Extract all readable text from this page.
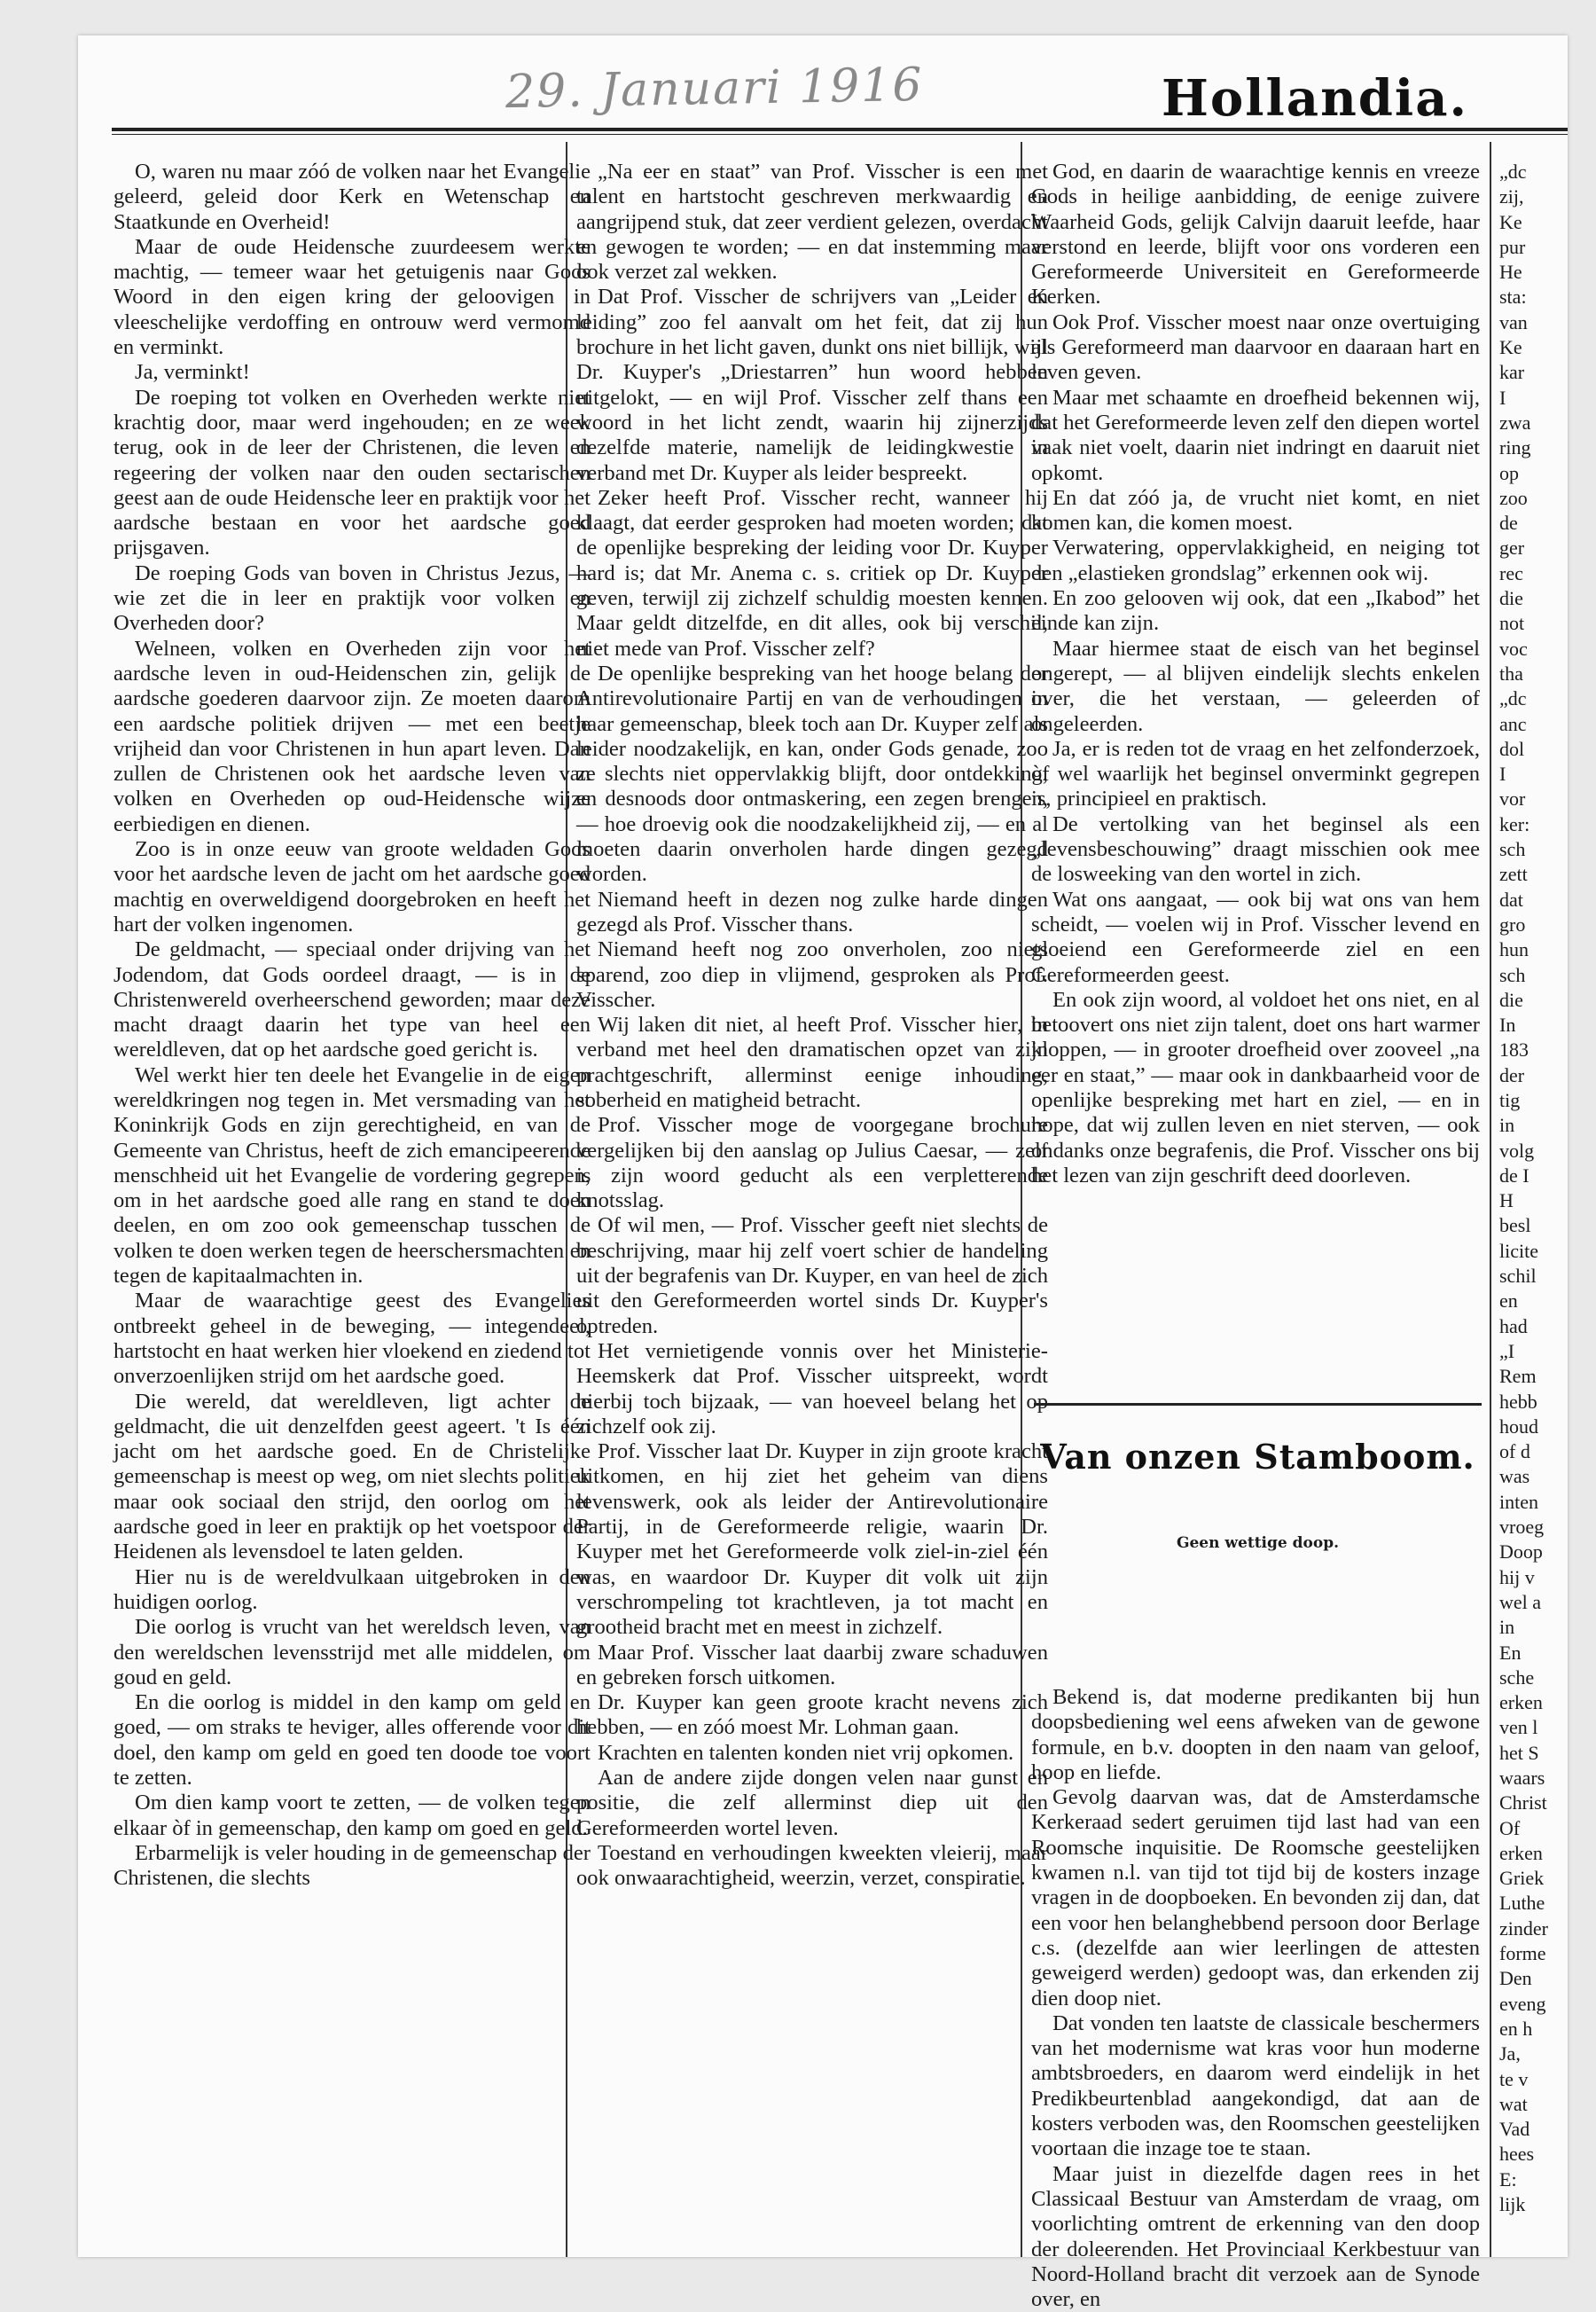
29. Januari 1916	Hollandia.

O, waren nu maar zóó de volken naar het Evangelie geleerd, geleid door Kerk en Wetenschap en Staatkunde en Overheid!

Maar de oude Heidensche zuurdeesem werkte machtig, — temeer waar het getuigenis naar Gods Woord in den eigen kring der geloovigen in vleeschelijke verdoffing en ontrouw werd vermomd en verminkt.

Ja, verminkt!

De roeping tot volken en Overheden werkte niet krachtig door, maar werd ingehouden; en ze week terug, ook in de leer der Christenen, die leven en regeering der volken naar den ouden sectarischen geest aan de oude Heidensche leer en praktijk voor het aardsche bestaan en voor het aardsche goed prijsgaven.

De roeping Gods van boven in Christus Jezus, — wie zet die in leer en praktijk voor volken en Overheden door?

Welneen, volken en Overheden zijn voor het aardsche leven in oud-Heidenschen zin, gelijk de aardsche goederen daarvoor zijn. Ze moeten daarom een aardsche politiek drijven — met een beetje vrijheid dan voor Christenen in hun apart leven. Dan zullen de Christenen ook het aardsche leven van volken en Overheden op oud-Heidensche wijze eerbiedigen en dienen.

Zoo is in onze eeuw van groote weldaden Gods voor het aardsche leven de jacht om het aardsche goed machtig en overweldigend doorgebroken en heeft het hart der volken ingenomen.

De geldmacht, — speciaal onder drijving van het Jodendom, dat Gods oordeel draagt, — is in de Christenwereld overheerschend geworden; maar deze macht draagt daarin het type van heel een wereldleven, dat op het aardsche goed gericht is.

Wel werkt hier ten deele het Evangelie in de eigen wereldkringen nog tegen in. Met versmading van het Koninkrijk Gods en zijn gerechtigheid, en van de Gemeente van Christus, heeft de zich emancipeerende menschheid uit het Evangelie de vordering gegrepen, om in het aardsche goed alle rang en stand te doen deelen, en om zoo ook gemeenschap tusschen de volken te doen werken tegen de heerschersmachten en tegen de kapitaalmachten in.

Maar de waarachtige geest des Evangelies ontbreekt geheel in de beweging, — integendeel, hartstocht en haat werken hier vloekend en ziedend tot onverzoenlijken strijd om het aardsche goed.

Die wereld, dat wereldleven, ligt achter de geldmacht, die uit denzelfden geest ageert. 't Is één jacht om het aardsche goed. En de Christelijke gemeenschap is meest op weg, om niet slechts politiek maar ook sociaal den strijd, den oorlog om het aardsche goed in leer en praktijk op het voetspoor der Heidenen als levensdoel te laten gelden.

Hier nu is de wereldvulkaan uitgebroken in den huidigen oorlog.

Die oorlog is vrucht van het wereldsch leven, van den wereldschen levensstrijd met alle middelen, om goud en geld.

En die oorlog is middel in den kamp om geld en goed, — om straks te heviger, alles offerende voor dit doel, den kamp om geld en goed ten doode toe voort te zetten.

Om dien kamp voort te zetten, — de volken tegen elkaar òf in gemeenschap, den kamp om goed en geld.

Erbarmelijk is veler houding in de gemeenschap der Christenen, die slechts

„Na eer en staat” van Prof. Visscher is een met talent en hartstocht geschreven merkwaardig en aangrijpend stuk, dat zeer verdient gelezen, overdacht en gewogen te worden; — en dat instemming maar ook verzet zal wekken.

Dat Prof. Visscher de schrijvers van „Leider en leiding” zoo fel aanvalt om het feit, dat zij hun brochure in het licht gaven, dunkt ons niet billijk, wijl Dr. Kuyper's „Driestarren” hun woord hebben uitgelokt, — en wijl Prof. Visscher zelf thans een woord in het licht zendt, waarin hij zijnerzijds dezelfde materie, namelijk de leidingkwestie in verband met Dr. Kuyper als leider bespreekt.

Zeker heeft Prof. Visscher recht, wanneer hij klaagt, dat eerder gesproken had moeten worden; dat de openlijke bespreking der leiding voor Dr. Kuyper hard is; dat Mr. Anema c. s. critiek op Dr. Kuyper geven, terwijl zij zichzelf schuldig moesten kennen. Maar geldt ditzelfde, en dit alles, ook bij verschil, niet mede van Prof. Visscher zelf?

De openlijke bespreking van het hooge belang der Antirevolutionaire Partij en van de verhoudingen in haar gemeenschap, bleek toch aan Dr. Kuyper zelf als leider noodzakelijk, en kan, onder Gods genade, zoo ze slechts niet oppervlakkig blijft, door ontdekking, en desnoods door ontmaskering, een zegen brengen, — hoe droevig ook die noodzakelijkheid zij, — en al moeten daarin onverholen harde dingen gezegd worden.

Niemand heeft in dezen nog zulke harde dingen gezegd als Prof. Visscher thans.

Niemand heeft nog zoo onverholen, zoo niets sparend, zoo diep in vlijmend, gesproken als Prof. Visscher.

Wij laken dit niet, al heeft Prof. Visscher hier, in verband met heel den dramatischen opzet van zijn prachtgeschrift, allerminst eenige inhouding, soberheid en matigheid betracht.

Prof. Visscher moge de voorgegane brochure vergelijken bij den aanslag op Julius Caesar, — zelf is zijn woord geducht als een verpletterende knotsslag.

Of wil men, — Prof. Visscher geeft niet slechts de beschrijving, maar hij zelf voert schier de handeling uit der begrafenis van Dr. Kuyper, en van heel de zich uit den Gereformeerden wortel sinds Dr. Kuyper's optreden.

Het vernietigende vonnis over het Ministerie-Heemskerk dat Prof. Visscher uitspreekt, wordt hierbij toch bijzaak, — van hoeveel belang het op zichzelf ook zij.

Prof. Visscher laat Dr. Kuyper in zijn groote kracht uitkomen, en hij ziet het geheim van diens levenswerk, ook als leider der Antirevolutionaire Partij, in de Gereformeerde religie, waarin Dr. Kuyper met het Gereformeerde volk ziel-in-ziel één was, en waardoor Dr. Kuyper dit volk uit zijn verschrompeling tot krachtleven, ja tot macht en grootheid bracht met en meest in zichzelf.

Maar Prof. Visscher laat daarbij zware schaduwen en gebreken forsch uitkomen.

Dr. Kuyper kan geen groote kracht nevens zich hebben, — en zóó moest Mr. Lohman gaan.

Krachten en talenten konden niet vrij opkomen.

Aan de andere zijde dongen velen naar gunst en positie, die zelf allerminst diep uit den Gereformeerden wortel leven.

Toestand en verhoudingen kweekten vleierij, maar ook onwaarachtigheid, weerzin, verzet, conspiratie.

God, en daarin de waarachtige kennis en vreeze Gods in heilige aanbidding, de eenige zuivere Waarheid Gods, gelijk Calvijn daaruit leefde, haar verstond en leerde, blijft voor ons vorderen een Gereformeerde Universiteit en Gereformeerde Kerken.

Ook Prof. Visscher moest naar onze overtuiging als Gereformeerd man daarvoor en daaraan hart en leven geven.

Maar met schaamte en droefheid bekennen wij, dat het Gereformeerde leven zelf den diepen wortel vaak niet voelt, daarin niet indringt en daaruit niet opkomt.

En dat zóó ja, de vrucht niet komt, en niet komen kan, die komen moest.

Verwatering, oppervlakkigheid, en neiging tot den „elastieken grondslag” erkennen ook wij.

En zoo gelooven wij ook, dat een „Ikabod” het einde kan zijn.

Maar hiermee staat de eisch van het beginsel ongerept, — al blijven eindelijk slechts enkelen over, die het verstaan, — geleerden of ongeleerden.

Ja, er is reden tot de vraag en het zelfonderzoek, òf wel waarlijk het beginsel onverminkt gegrepen is, principieel en praktisch.

De vertolking van het beginsel als een „levensbeschouwing” draagt misschien ook mee de losweeking van den wortel in zich.

Wat ons aangaat, — ook bij wat ons van hem scheidt, — voelen wij in Prof. Visscher levend en gloeiend een Gereformeerde ziel en een Gereformeerden geest.

En ook zijn woord, al voldoet het ons niet, en al betoovert ons niet zijn talent, doet ons hart warmer kloppen, — in grooter droefheid over zooveel „na eer en staat,” — maar ook in dankbaarheid voor de openlijke bespreking met hart en ziel, — en in hope, dat wij zullen leven en niet sterven, — ook ondanks onze begrafenis, die Prof. Visscher ons bij het lezen van zijn geschrift deed doorleven.

Van onzen Stamboom.
Geen wettige doop.

Bekend is, dat moderne predikanten bij hun doopsbediening wel eens afweken van de gewone formule, en b.v. doopten in den naam van geloof, hoop en liefde.

Gevolg daarvan was, dat de Amsterdamsche Kerkeraad sedert geruimen tijd last had van een Roomsche inquisitie. De Roomsche geestelijken kwamen n.l. van tijd tot tijd bij de kosters inzage vragen in de doopboeken. En bevonden zij dan, dat een voor hen belanghebbend persoon door Berlage c.s. (dezelfde aan wier leerlingen de attesten geweigerd werden) gedoopt was, dan erkenden zij dien doop niet.

Dat vonden ten laatste de classicale beschermers van het modernisme wat kras voor hun moderne ambtsbroeders, en daarom werd eindelijk in het Predikbeurtenblad aangekondigd, dat aan de kosters verboden was, den Roomschen geestelijken voortaan die inzage toe te staan.

Maar juist in diezelfde dagen rees in het Classicaal Bestuur van Amsterdam de vraag, om voorlichting omtrent de erkenning van den doop der doleerenden. Het Provinciaal Kerkbestuur van Noord-Holland bracht dit verzoek aan de Synode over, en

„dc

zij,

Ke

pur

He

sta:

van

Ke

kar

I

zwa

ring

op

zoo

de

ger

rec

die

not

voc

tha

„dc

anc

dol

I

vor

ker:

sch

zett

dat

gro

hun

sch

die

In

183

der

tig

in

volg

de I

H

besl

licite

schil

en

had

„I

Rem

hebb

houd

of d

was

inten

vroeg

Doop

hij v

wel a

in

En

sche

erken

ven l

het S

waars

Christ

Of

erken

Griek

Luthe

zinder

forme

Den

eveng

en h

Ja,

te v

wat

Vad

hees

E:

lijk
